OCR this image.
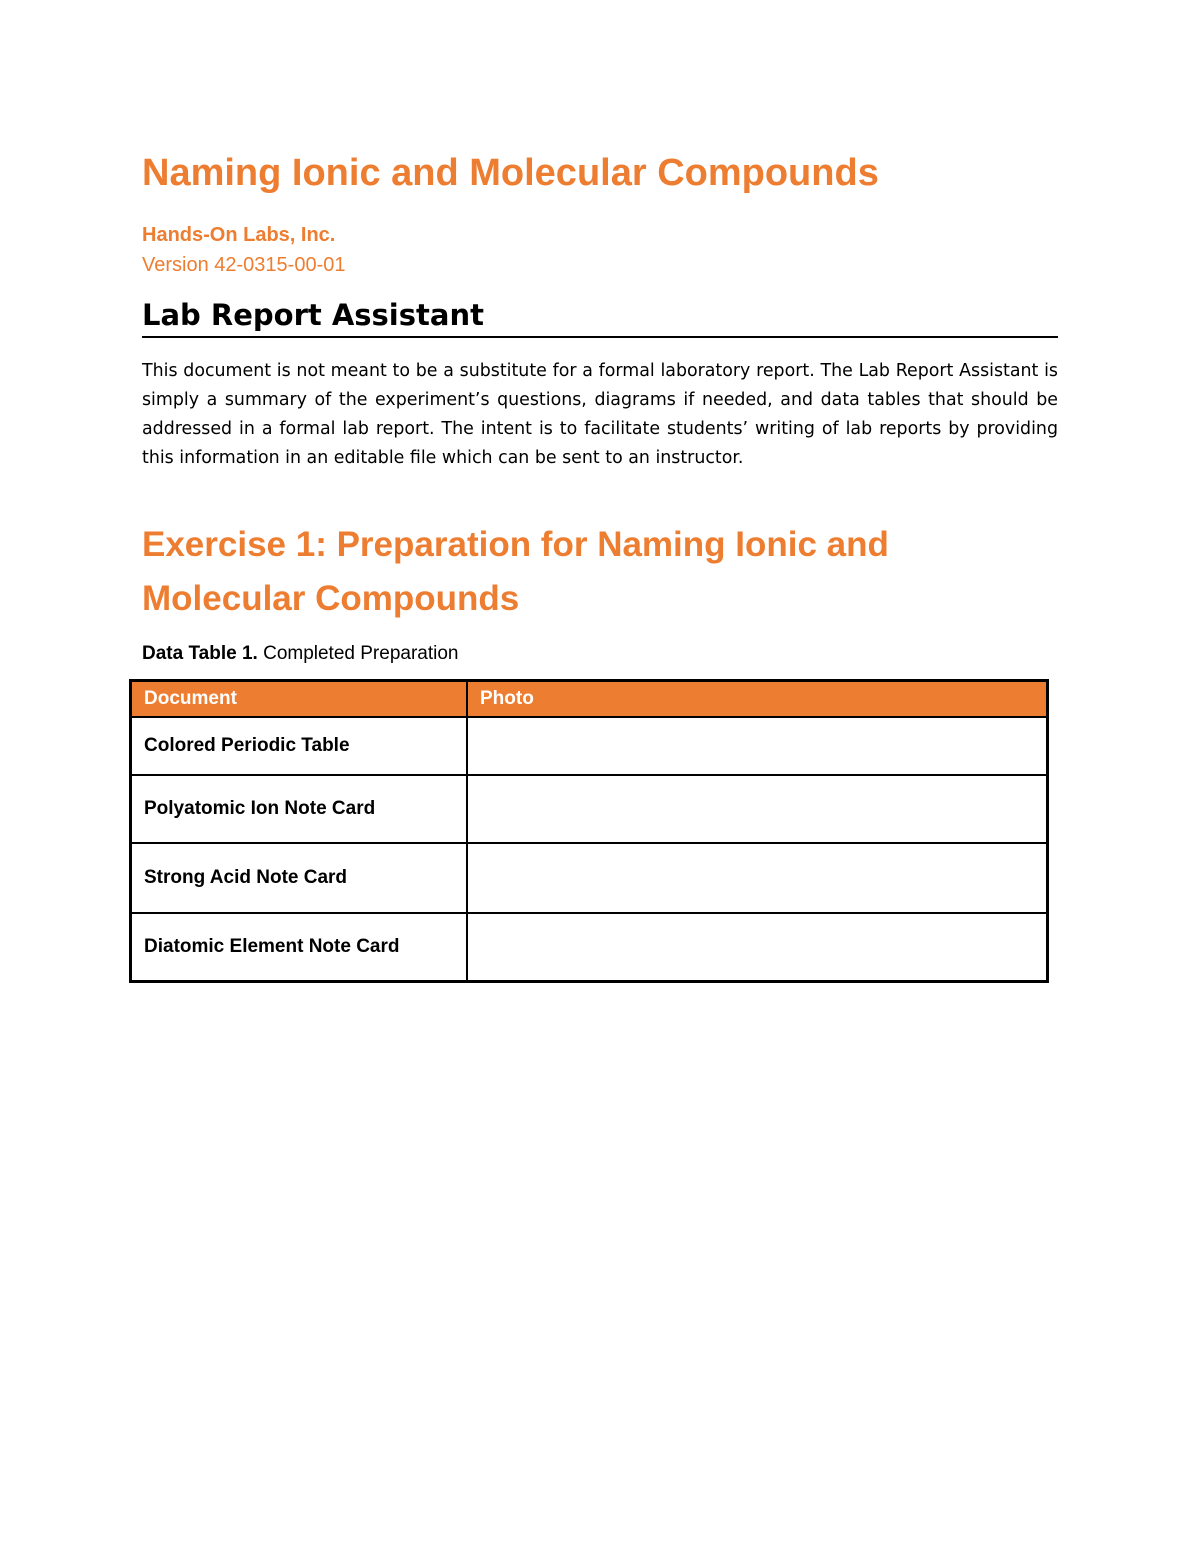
Naming Ionic and Molecular Compounds
Hands-On Labs, Inc.
Version 42-0315-00-01
Lab Report Assistant

This document is not meant to be a substitute for a formal laboratory report. The Lab Report Assistant is simply a summary of the experiment’s questions, diagrams if needed, and data tables that should be addressed in a formal lab report. The intent is to facilitate students’ writing of lab reports by providing this information in an editable file which can be sent to an instructor.

Exercise 1: Preparation for Naming Ionic and Molecular Compounds
Data Table 1. Completed Preparation
Document	Photo
Colored Periodic Table	
Polyatomic Ion Note Card	
Strong Acid Note Card	
Diatomic Element Note Card	
